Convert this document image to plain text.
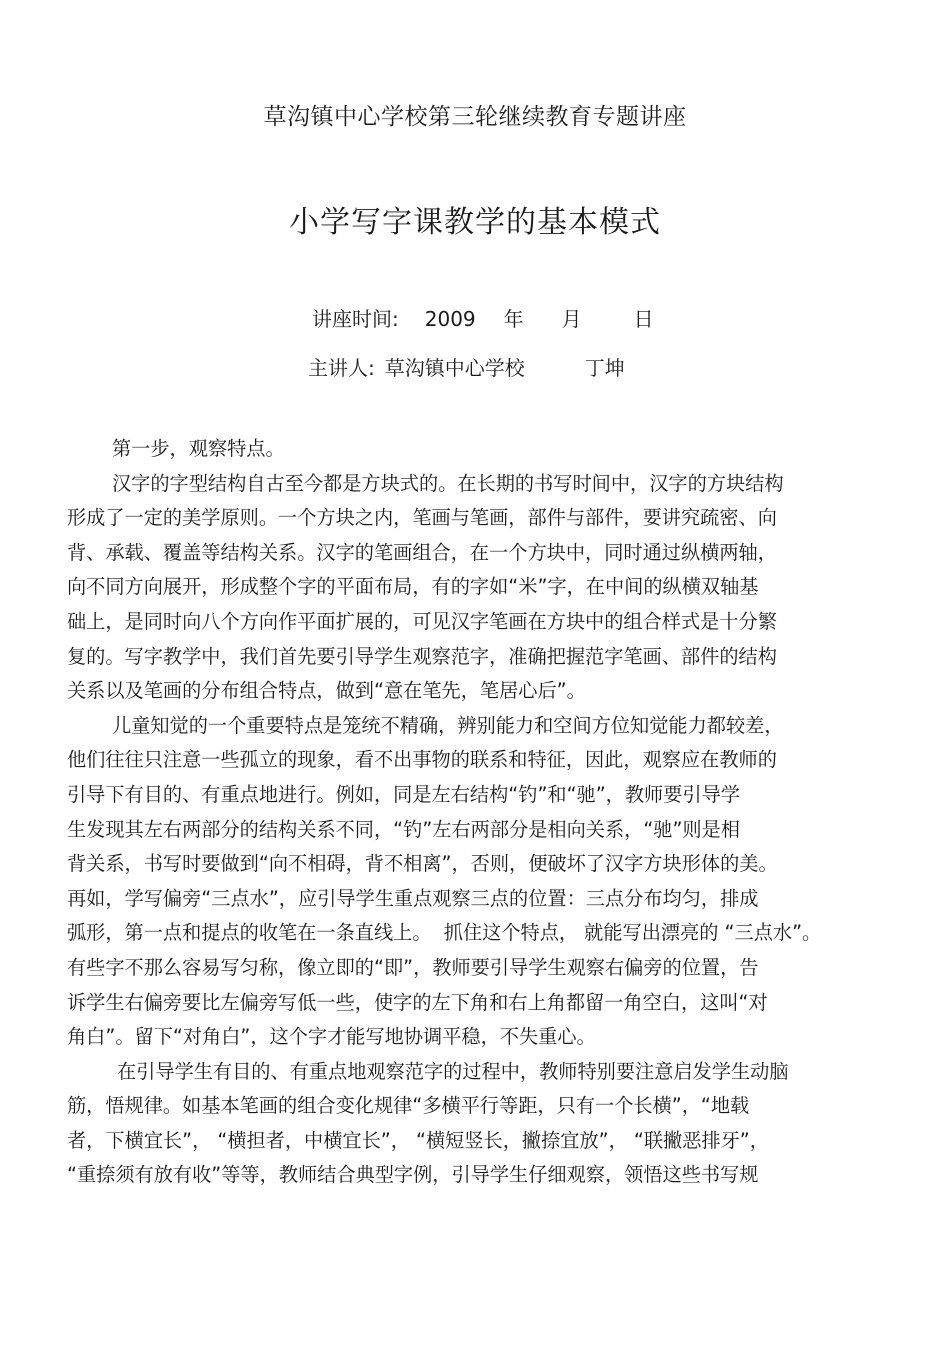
草沟镇中心学校第三轮继续教育专题讲座
小学写字课教学的基本模式
讲座时间: 2009 年 月	日
主讲人: 草沟镇中心学校	丁坤
第一步，观察特点。
汉字的字型结构自古至今都是方块式的。在长期的书写时间中，汉字的方块结构
形成了一定的美学原则。一个方块之内，笔画与笔画，部件与部件，要讲究疏密、向
背、承载、覆盖等结构关系。汉字的笔画组合，在一个方块中，同时通过纵横两轴，
向不同方向展开，形成整个字的平面布局，有的字如“米”字，在中间的纵横双轴基
础上，是同时向八个方向作平面扩展的，可见汉字笔画在方块中的组合样式是十分繁
复的。写字教学中，我们首先要引导学生观察范字，准确把握范字笔画、部件的结构
关系以及笔画的分布组合特点，做到“意在笔先，笔居心后”。
儿童知觉的一个重要特点是笼统不精确，辨别能力和空间方位知觉能力都较差，
他们往往只注意一些孤立的现象，看不出事物的联系和特征，因此，观察应在教师的
引导下有目的、有重点地进行。例如，同是左右结构“钓”和“驰”，教师要引导学
生发现其左右两部分的结构关系不同，“钓”左右两部分是相向关系，“驰”则是相
背关系，书写时要做到“向不相碍，背不相离”，否则，便破坏了汉字方块形体的美。
再如，学写偏旁“三点水”，应引导学生重点观察三点的位置：三点分布均匀，排成
弧形，第一点和提点的收笔在一条直线上。  抓住这个特点， 就能写出漂亮的 “三点水”。
有些字不那么容易写匀称，像立即的“即”，教师要引导学生观察右偏旁的位置，告
诉学生右偏旁要比左偏旁写低一些，使字的左下角和右上角都留一角空白，这叫“对
角白”。留下“对角白”，这个字才能写地协调平稳，不失重心。
在引导学生有目的、有重点地观察范字的过程中，教师特别要注意启发学生动脑
筋，悟规律。如基本笔画的组合变化规律“多横平行等距，只有一个长横”，“地载
者，下横宜长”， “横担者，中横宜长”， “横短竖长，撇捺宜放”， “联撇恶排牙”，
“重捺须有放有收”等等，教师结合典型字例，引导学生仔细观察，领悟这些书写规
